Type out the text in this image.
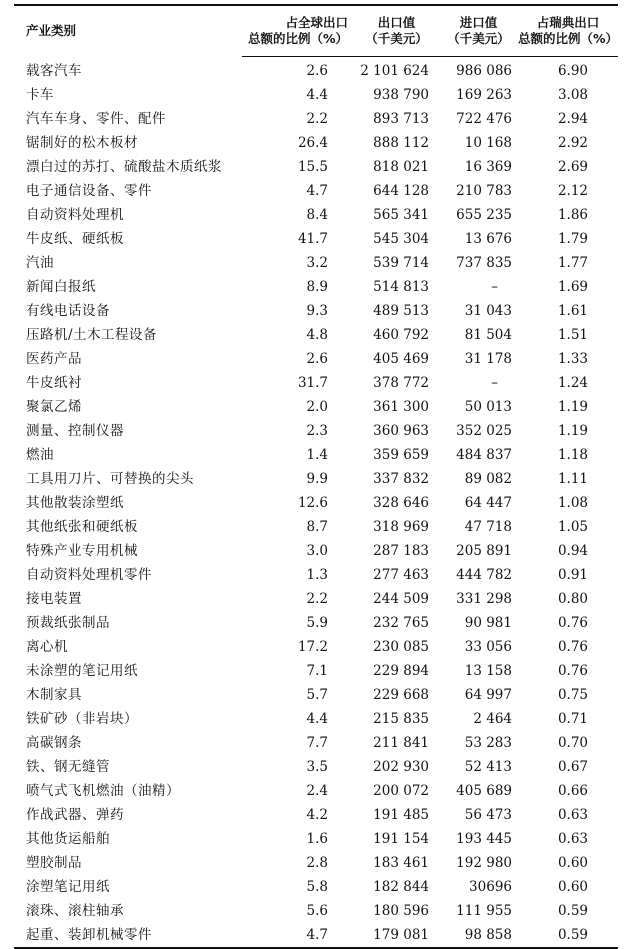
产业类别	占全球出口	出口值	进口值	占瑞典出口
	总额的比例（%）	（千美元）	（千美元）	总额的比例（%）
载客汽车	2.6	2 101 624	986 086	6.90
卡车	4.4	938 790	169 263	3.08
汽车车身、零件、配件	2.2	893 713	722 476	2.94
锯制好的松木板材	26.4	888 112	10 168	2.92
漂白过的苏打、硫酸盐木质纸浆	15.5	818 021	16 369	2.69
电子通信设备、零件	4.7	644 128	210 783	2.12
自动资料处理机	8.4	565 341	655 235	1.86
牛皮纸、硬纸板	41.7	545 304	13 676	1.79
汽油	3.2	539 714	737 835	1.77
新闻白报纸	8.9	514 813	–	1.69
有线电话设备	9.3	489 513	31 043	1.61
压路机/土木工程设备	4.8	460 792	81 504	1.51
医药产品	2.6	405 469	31 178	1.33
牛皮纸衬	31.7	378 772	–	1.24
聚氯乙烯	2.0	361 300	50 013	1.19
测量、控制仪器	2.3	360 963	352 025	1.19
燃油	1.4	359 659	484 837	1.18
工具用刀片、可替换的尖头	9.9	337 832	89 082	1.11
其他散装涂塑纸	12.6	328 646	64 447	1.08
其他纸张和硬纸板	8.7	318 969	47 718	1.05
特殊产业专用机械	3.0	287 183	205 891	0.94
自动资料处理机零件	1.3	277 463	444 782	0.91
接电装置	2.2	244 509	331 298	0.80
预裁纸张制品	5.9	232 765	90 981	0.76
离心机	17.2	230 085	33 056	0.76
未涂塑的笔记用纸	7.1	229 894	13 158	0.76
木制家具	5.7	229 668	64 997	0.75
铁矿砂（非岩块）	4.4	215 835	2 464	0.71
高碳钢条	7.7	211 841	53 283	0.70
铁、钢无缝管	3.5	202 930	52 413	0.67
喷气式飞机燃油（油精）	2.4	200 072	405 689	0.66
作战武器、弹药	4.2	191 485	56 473	0.63
其他货运船舶	1.6	191 154	193 445	0.63
塑胶制品	2.8	183 461	192 980	0.60
涂塑笔记用纸	5.8	182 844	30696	0.60
滚珠、滚柱轴承	5.6	180 596	111 955	0.59
起重、装卸机械零件	4.7	179 081	98 858	0.59
